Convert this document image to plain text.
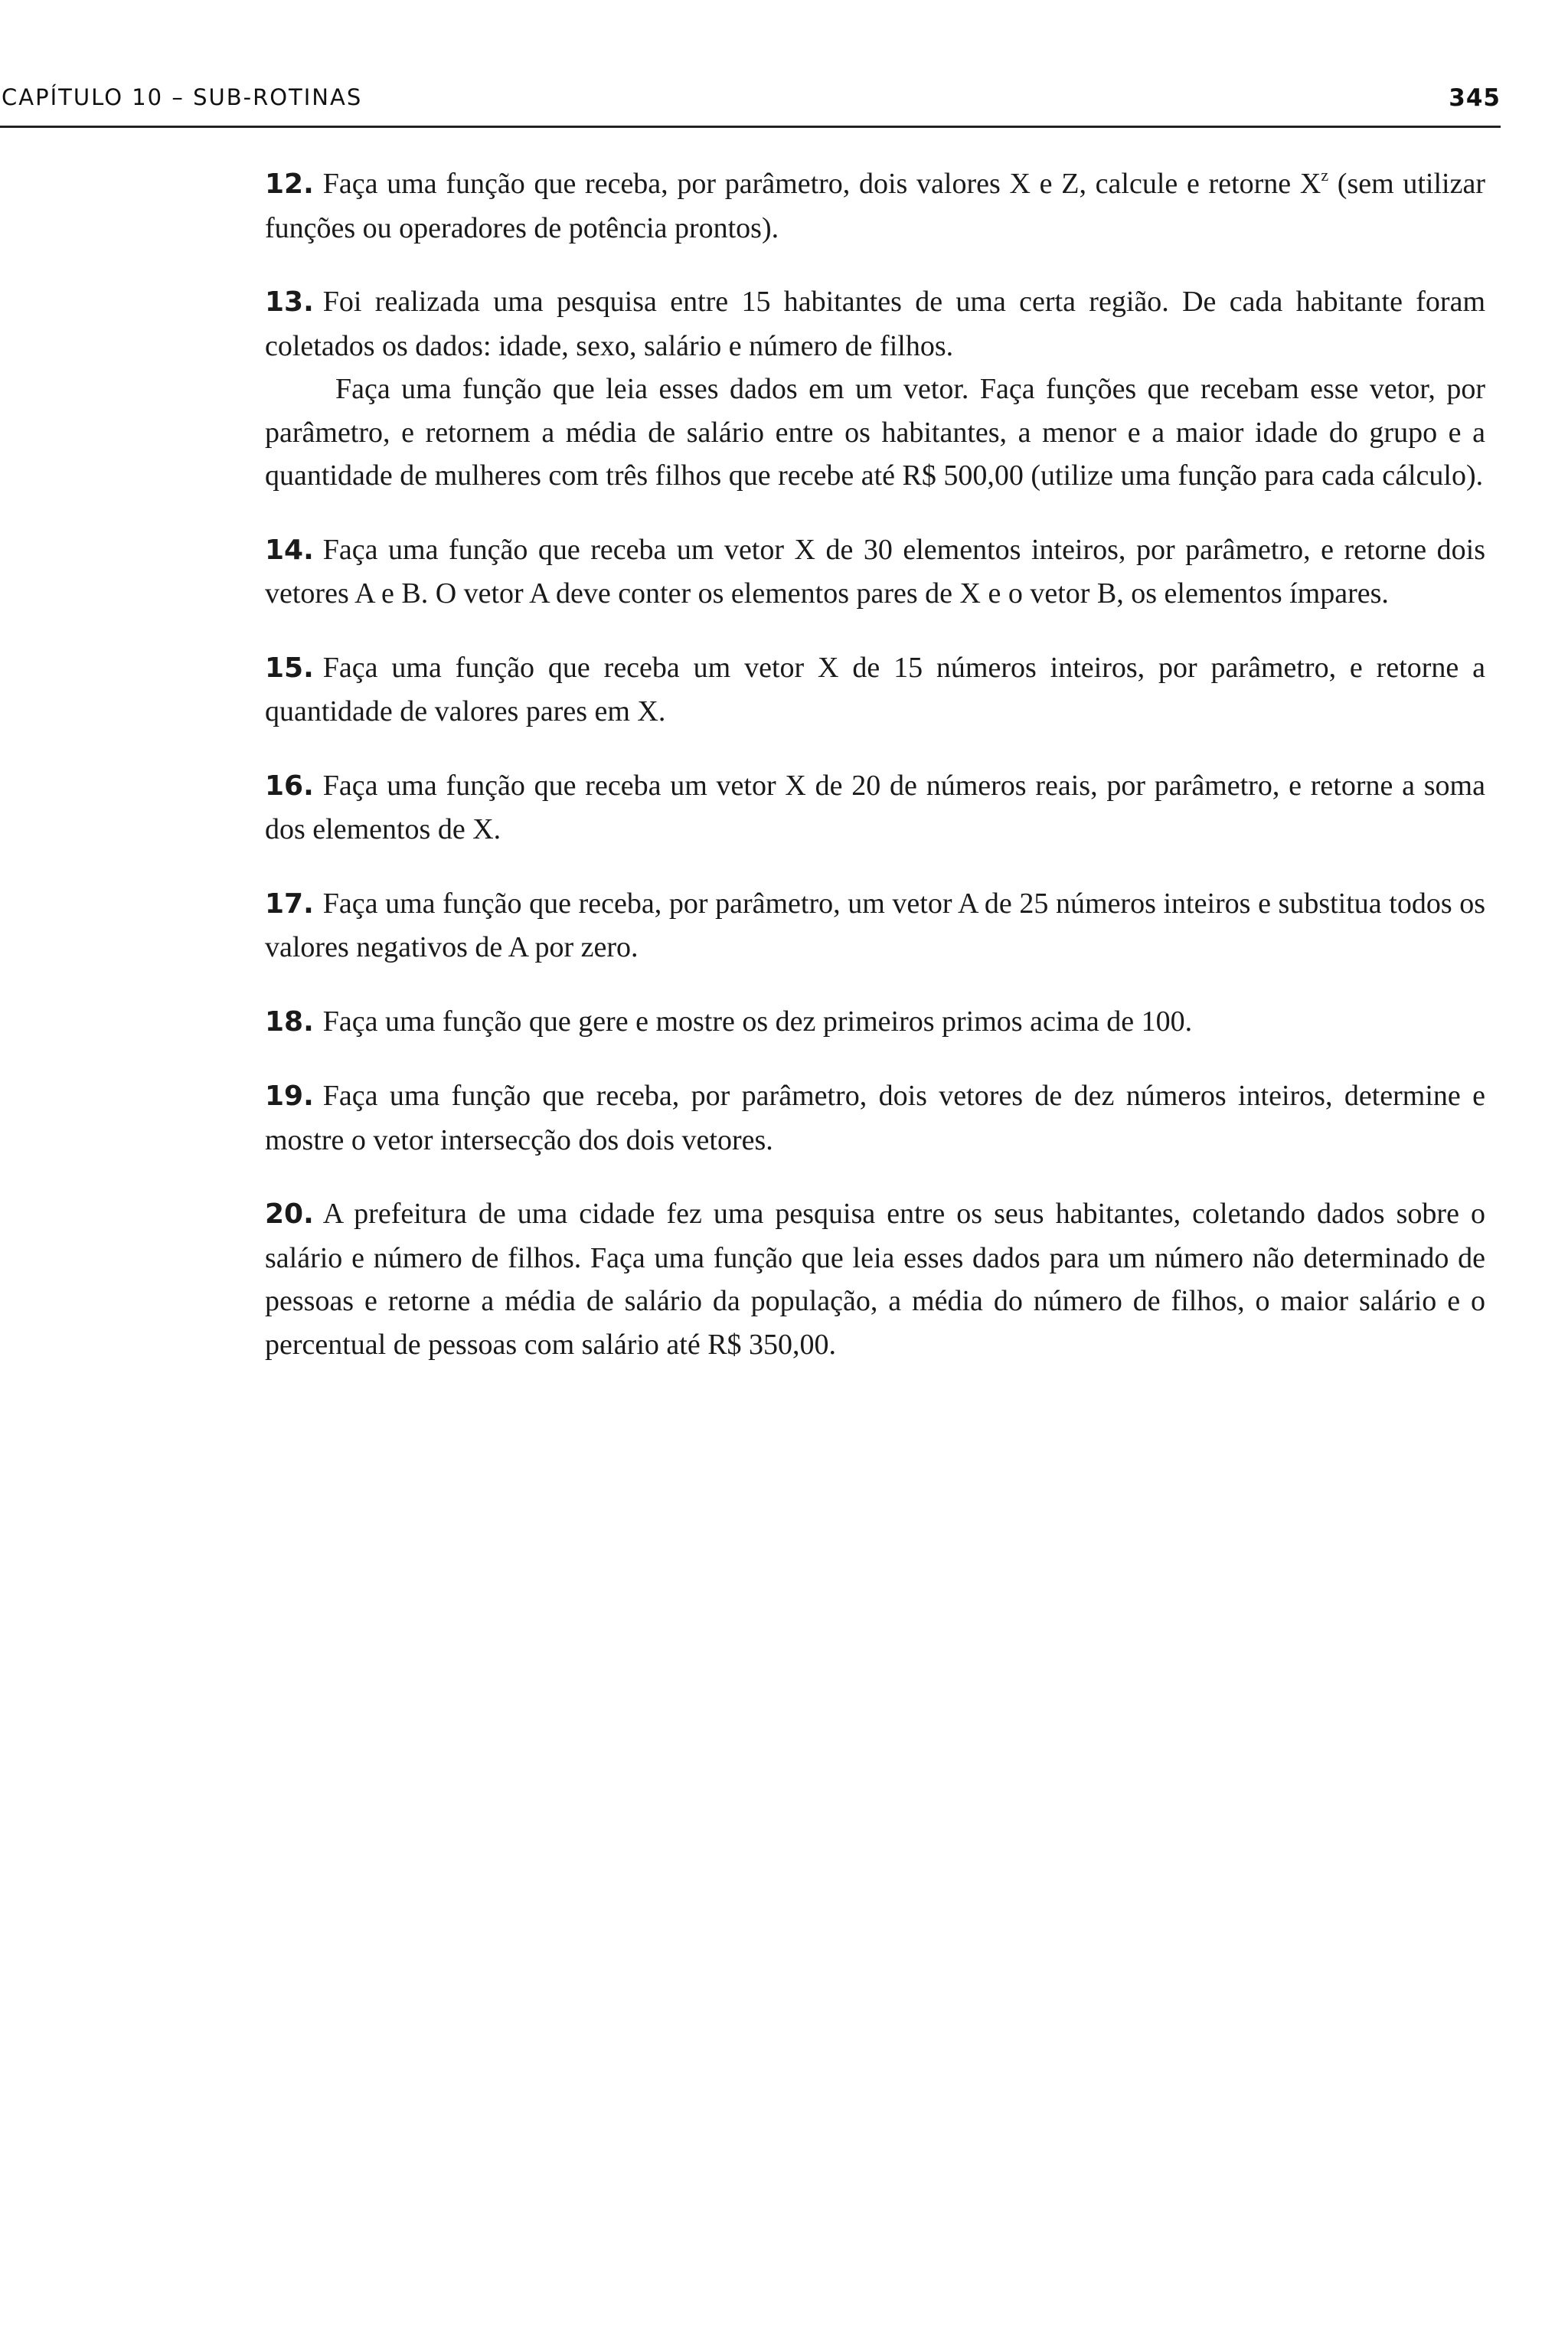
CAPÍTULO 10 – SUB-ROTINAS	345

12. Faça uma função que receba, por parâmetro, dois valores X e Z, calcule e retorne $X^z$ (sem utilizar funções ou operadores de potência prontos).

13. Foi realizada uma pesquisa entre 15 habitantes de uma certa região. De cada habitante foram coletados os dados: idade, sexo, salário e número de filhos.

Faça uma função que leia esses dados em um vetor. Faça funções que recebam esse vetor, por parâmetro, e retornem a média de salário entre os habitantes, a menor e a maior idade do grupo e a quantidade de mulheres com três filhos que recebe até R$ 500,00 (utilize uma função para cada cálculo).

14. Faça uma função que receba um vetor X de 30 elementos inteiros, por parâmetro, e retorne dois vetores A e B. O vetor A deve conter os elementos pares de X e o vetor B, os elementos ímpares.

15. Faça uma função que receba um vetor X de 15 números inteiros, por parâmetro, e retorne a quantidade de valores pares em X.

16. Faça uma função que receba um vetor X de 20 de números reais, por parâmetro, e retorne a soma dos elementos de X.

17. Faça uma função que receba, por parâmetro, um vetor A de 25 números inteiros e substitua todos os valores negativos de A por zero.

18. Faça uma função que gere e mostre os dez primeiros primos acima de 100.

19. Faça uma função que receba, por parâmetro, dois vetores de dez números inteiros, determine e mostre o vetor intersecção dos dois vetores.

20. A prefeitura de uma cidade fez uma pesquisa entre os seus habitantes, coletando dados sobre o salário e número de filhos. Faça uma função que leia esses dados para um número não determinado de pessoas e retorne a média de salário da população, a média do número de filhos, o maior salário e o percentual de pessoas com salário até R$ 350,00.
